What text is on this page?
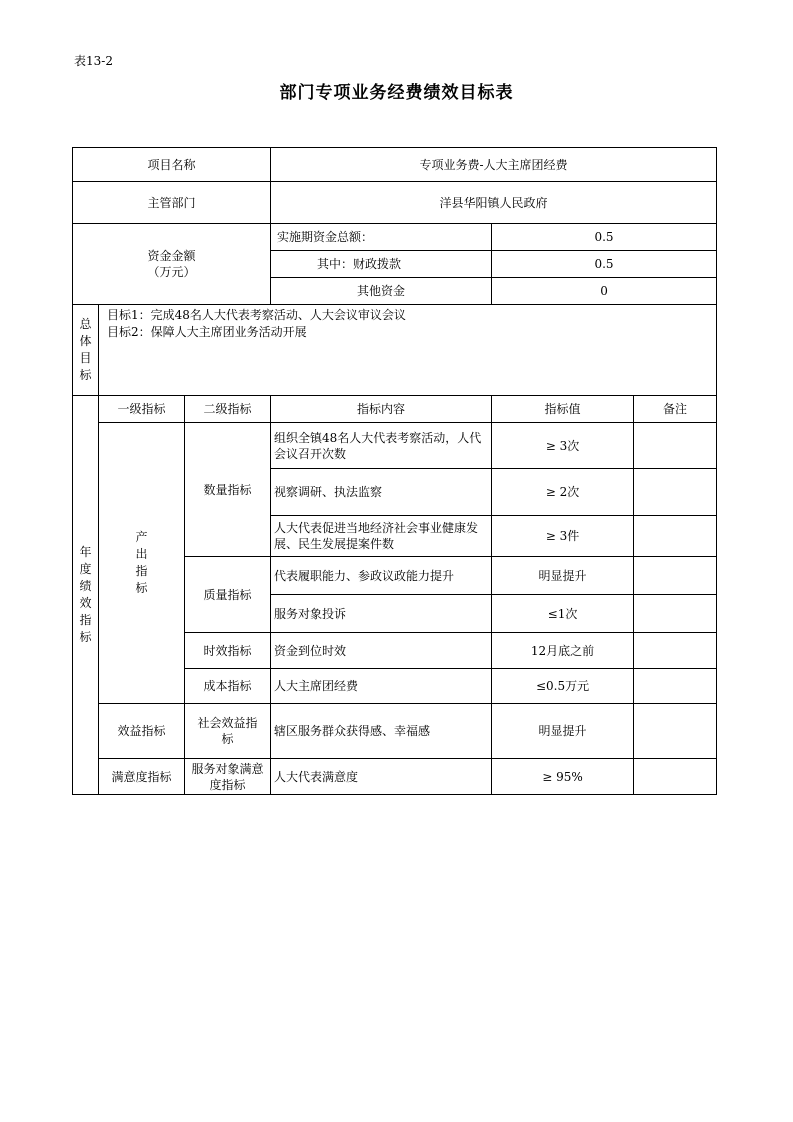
表13-2
部门专项业务经费绩效目标表
项目名称			专项业务费-人大主席团经费		
主管部门			洋县华阳镇人民政府		

资金金额
（万元）			实施期资金总额：	0.5	
			其中：财政拨款	0.5	
			其他资金	0	
总体目标	目标1：完成48名人大代表考察活动、人大会议审议会议
目标2：保障人大主席团业务活动开展				

年度绩效指标	一级指标	二级指标	指标内容	指标值	备注
	产出指标	数量指标	组织全镇48名人大代表考察活动，人代会议召开次数	≥ 3次	
			视察调研、执法监察	≥ 2次	
			人大代表促进当地经济社会事业健康发展、民生发展提案件数	≥ 3件	
		质量指标	代表履职能力、参政议政能力提升	明显提升	
			服务对象投诉	≤1次	
		时效指标	资金到位时效	12月底之前	
		成本指标	人大主席团经费	≤0.5万元	
	效益指标	社会效益指标	辖区服务群众获得感、幸福感	明显提升	
	满意度指标	服务对象满意度指标	人大代表满意度	≥ 95%	
